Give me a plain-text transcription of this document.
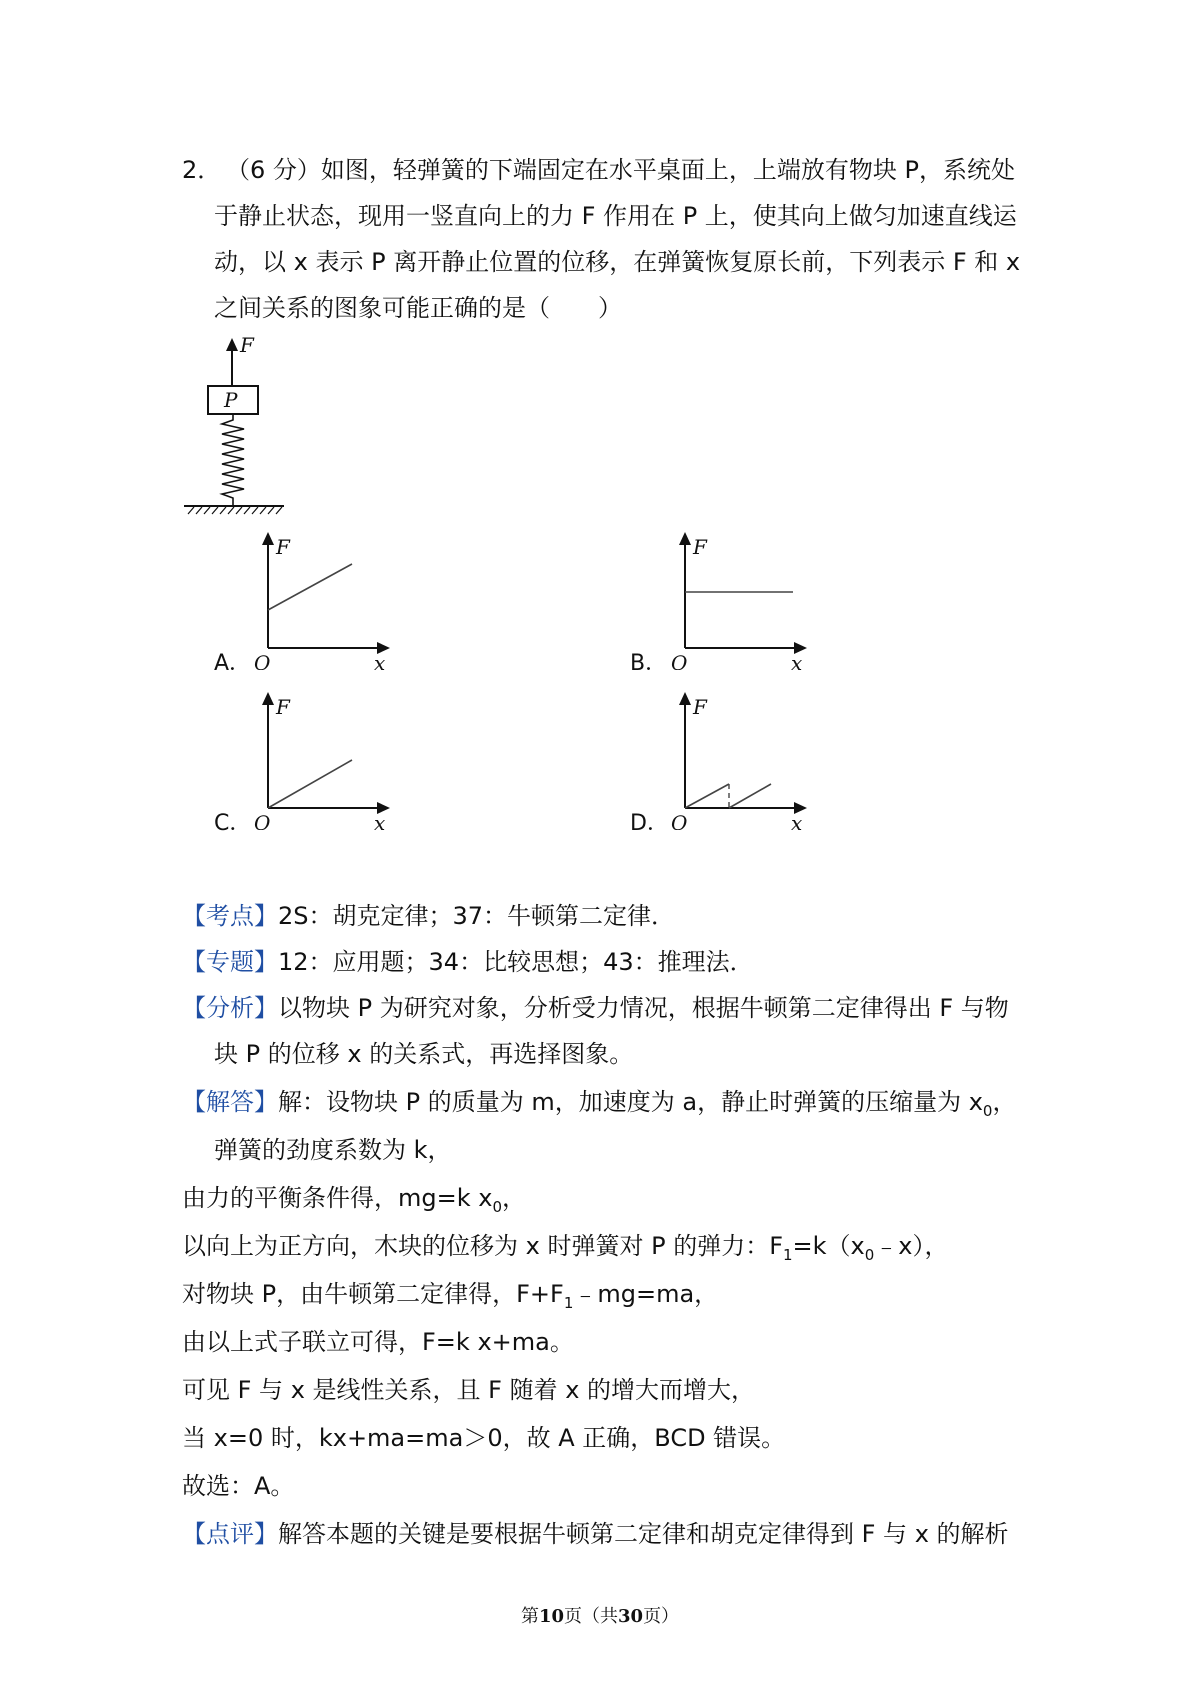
2． （6 分）如图，轻弹簧的下端固定在水平桌面上，上端放有物块 P，系统处
于静止状态，现用一竖直向上的力 F 作用在 P 上，使其向上做匀加速直线运
动，以 x 表示 P 离开静止位置的位移，在弹簧恢复原长前，下列表示 F 和 x
之间关系的图象可能正确的是（　　）
F
P
A．
F
O	x	B．
F
O	x
C．
F
O	x	D．
F
O	x
【考点】2S：胡克定律；37：牛顿第二定律．
【专题】12：应用题；34：比较思想；43：推理法．
【分析】以物块 P 为研究对象，分析受力情况，根据牛顿第二定律得出 F 与物
块 P 的位移 x 的关系式，再选择图象。
【解答】解：设物块 P 的质量为 m，加速度为 a，静止时弹簧的压缩量为 $x_0$，
弹簧的劲度系数为 k，
由力的平衡条件得，mg=k $x_0$，
以向上为正方向，木块的位移为 x 时弹簧对 P 的弹力：$F_1=k(x_0﹣x)$，
对物块 P，由牛顿第二定律得，$F+F_1﹣mg=ma$，
由以上式子联立可得，F=k x+ma。
可见 F 与 x 是线性关系，且 F 随着 x 的增大而增大，
当 x=0 时，kx+ma=ma＞0，故 A 正确，BCD 错误。
故选：A。
【点评】解答本题的关键是要根据牛顿第二定律和胡克定律得到 F 与 x 的解析
第10页（共30页）
